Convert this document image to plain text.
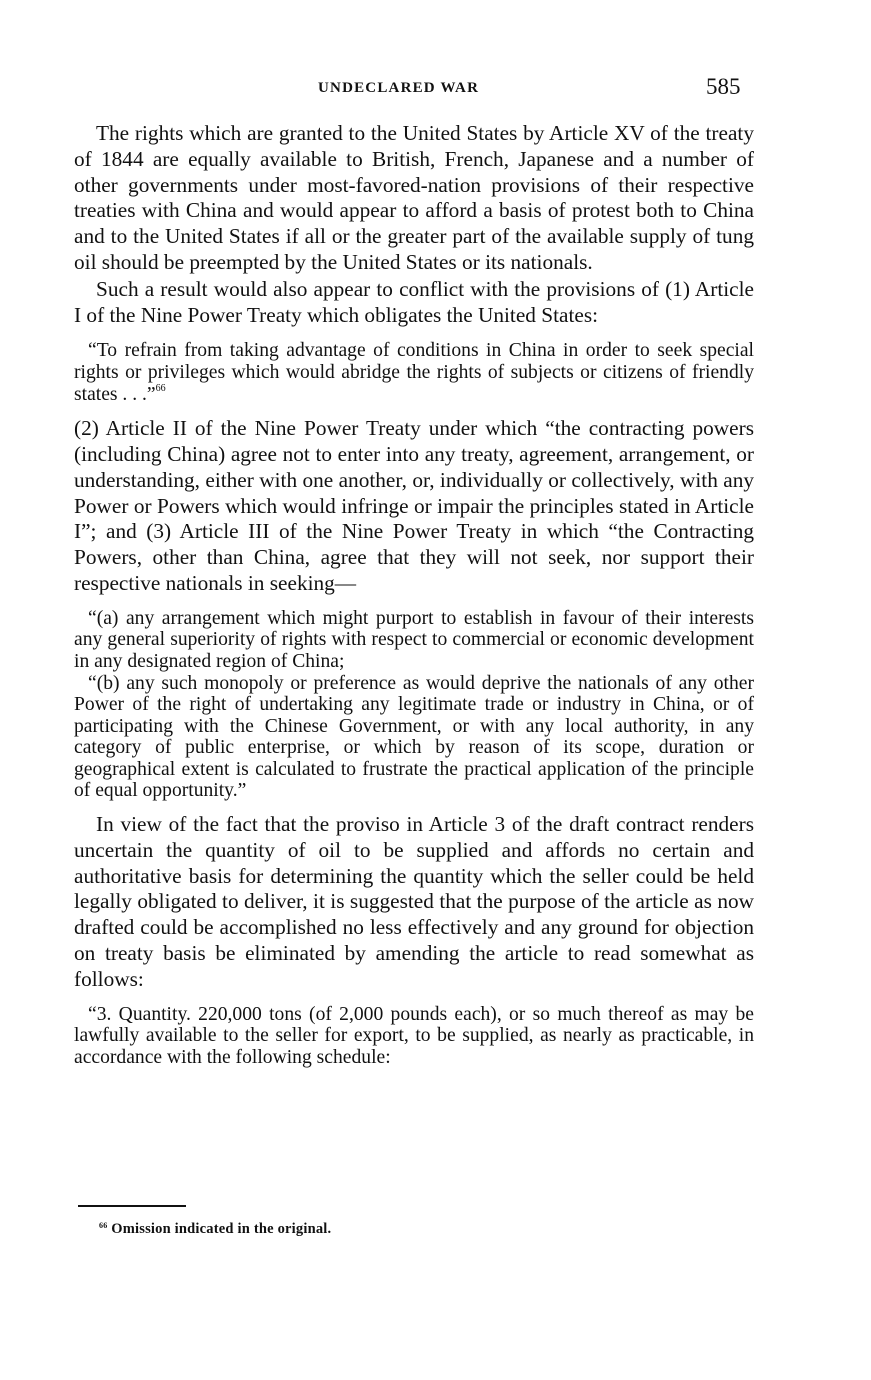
UNDECLARED WAR	585

The rights which are granted to the United States by Article XV of the treaty of 1844 are equally available to British, French, Japanese and a number of other governments under most-favored-nation provisions of their respective treaties with China and would appear to afford a basis of protest both to China and to the United States if all or the greater part of the available supply of tung oil should be preempted by the United States or its nationals.

Such a result would also appear to conflict with the provisions of (1) Article I of the Nine Power Treaty which obligates the United States:

“To refrain from taking advantage of conditions in China in order to seek special rights or privileges which would abridge the rights of subjects or citizens of friendly states . . .”$^{66}$

(2) Article II of the Nine Power Treaty under which “the contracting powers (including China) agree not to enter into any treaty, agreement, arrangement, or understanding, either with one another, or, individually or collectively, with any Power or Powers which would infringe or impair the principles stated in Article I”; and (3) Article III of the Nine Power Treaty in which “the Contracting Powers, other than China, agree that they will not seek, nor support their respective nationals in seeking—

“(a) any arrangement which might purport to establish in favour of their interests any general superiority of rights with respect to commercial or economic development in any designated region of China;

“(b) any such monopoly or preference as would deprive the nationals of any other Power of the right of undertaking any legitimate trade or industry in China, or of participating with the Chinese Government, or with any local authority, in any category of public enterprise, or which by reason of its scope, duration or geographical extent is calculated to frustrate the practical application of the principle of equal opportunity.”

In view of the fact that the proviso in Article 3 of the draft contract renders uncertain the quantity of oil to be supplied and affords no certain and authoritative basis for determining the quantity which the seller could be held legally obligated to deliver, it is suggested that the purpose of the article as now drafted could be accomplished no less effectively and any ground for objection on treaty basis be eliminated by amending the article to read somewhat as follows:

“3. Quantity. 220,000 tons (of 2,000 pounds each), or so much thereof as may be lawfully available to the seller for export, to be supplied, as nearly as practicable, in accordance with the following schedule:

$^{66}$ Omission indicated in the original.
